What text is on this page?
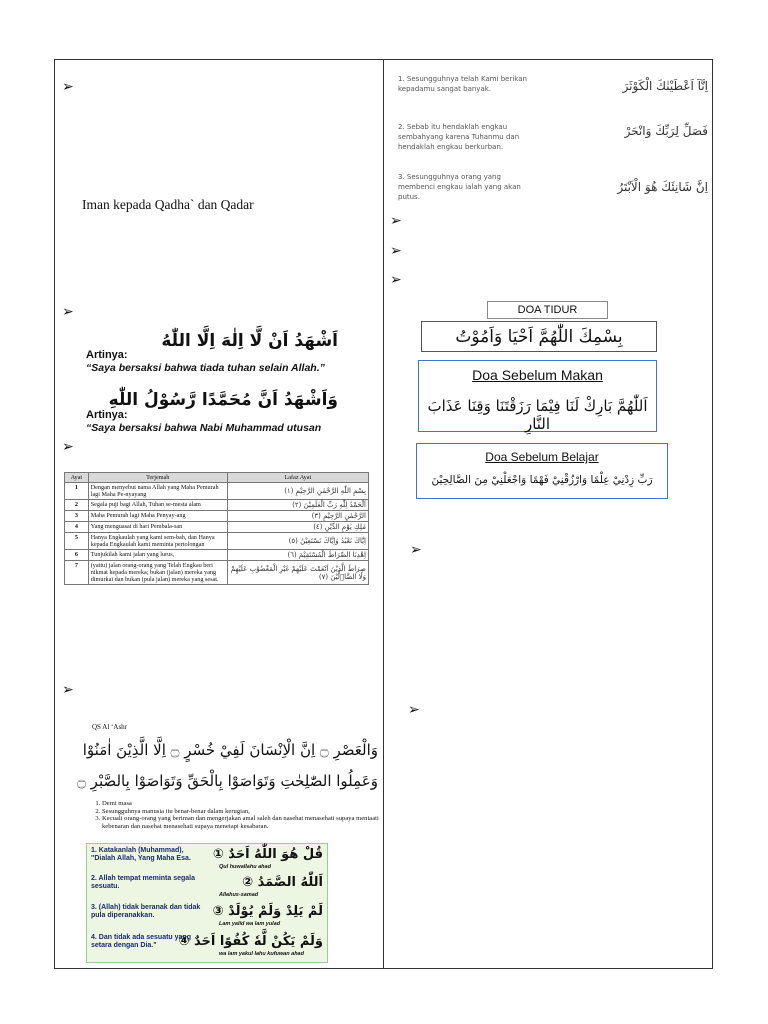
➢
Iman kepada Qadha` dan Qadar
➢
اَشْهَدُ اَنْ لَّا اِلٰهَ اِلَّا اللّٰهُ
Artinya:
“Saya bersaksi bahwa tiada tuhan selain Allah.”
وَاَشْهَدُ اَنَّ مُحَمَّدًا رَّسُوْلُ اللّٰهِ
Artinya:
“Saya bersaksi bahwa Nabi Muhammad utusan
➢
Ayat	Terjemah	Lafaz Ayat
1	Dengan menyebut nama Allah yang Maha Pemurah lagi Maha Pe-nyayang	بِسْمِ اللّٰهِ الرَّحْمٰنِ الرَّحِيْمِ (١)
2	Segala puji bagi Allah, Tuhan se-mesta alam	اَلْحَمْدُ لِلّٰهِ رَبِّ الْعٰلَمِيْنَ (٢)
3	Maha Pemurah lagi Maha Penyay-ang	الرَّحْمٰنِ الرَّحِيْمِ (٣)
4	Yang menguasai di hari Pembala-san	مٰلِكِ يَوْمِ الدِّيْنِ (٤)
5	Hanya Engkaulah yang kami sem-bah, dan Hanya kepada Engkaulah kami meminta pertolongan	اِيَّاكَ نَعْبُدُ وَاِيَّاكَ نَسْتَعِيْنُ (٥)
6	Tunjukilah kami jalan yang lurus,	اِهْدِنَا الصِّرَاطَ الْمُسْتَقِيْمَ (٦)
7	(yaitu) jalan orang-orang yang Telah Engkau beri nikmat kepada mereka; bukan (jalan) mereka yang dimurkai dan bukan (pula jalan) mereka yang sesat.	صِرَاطَ الَّذِيْنَ اَنْعَمْتَ عَلَيْهِمْ غَيْرِ الْمَغْضُوْبِ عَلَيْهِمْ وَلَا الضَّاۤلِّيْنَ (٧)
➢
QS Al ‘Ashr
وَالْعَصْرِ ۝ اِنَّ الْاِنْسَانَ لَفِيْ خُسْرٍ ۝ اِلَّا الَّذِيْنَ اٰمَنُوْا
وَعَمِلُوا الصّٰلِحٰتِ وَتَوَاصَوْا بِالْحَقِّ وَتَوَاصَوْا بِالصَّبْرِ ۝
1. Demi masa
2. Sesungguhnya manusia itu benar-benar dalam kerugian,
3. Kecuali orang-orang yang beriman dan mengerjakan amal saleh dan nasehat menasehati supaya mentaati kebenaran dan nasehat menasehati supaya menetapi kesabaran.
1. Katakanlah (Muhammad), "Dialah Allah, Yang Maha Esa.	قُلْ هُوَ اللّٰهُ اَحَدٌ ①
Qul huwallahu ahad
2. Allah tempat meminta segala sesuatu.	اَللّٰهُ الصَّمَدُ ②
Allahus-samad
3. (Allah) tidak beranak dan tidak pula diperanakkan.	لَمْ يَلِدْ وَلَمْ يُوْلَدْ ③
Lam yalid wa lam yulad
4. Dan tidak ada sesuatu yang setara dengan Dia."	وَلَمْ يَكُنْ لَّهٗ كُفُوًا اَحَدٌ ④
wa lam yakul lahu kufuwan ahad
1. Sesungguhnya telah Kami berikan kepadamu sangat banyak.	اِنَّآ اَعْطَيْنٰكَ الْكَوْثَرَ
2. Sebab itu hendaklah engkau sembahyang karena Tuhanmu dan hendaklah engkau berkurban.
فَصَلِّ لِرَبِّكَ وَانْحَرْ
3. Sesungguhnya orang yang membenci engkau ialah yang akan putus.
اِنَّ شَانِئَكَ هُوَ الْاَبْتَرُ
➢
➢
➢
DOA TIDUR
بِسْمِكَ اللّٰهُمَّ اَحْيَا وَاَمُوْتُ
Doa Sebelum Makan
اَللّٰهُمَّ بَارِكْ لَنَا فِيْمَا رَزَقْتَنَا وَقِنَا عَذَابَ النَّارِ
Doa Sebelum Belajar
رَبِّ زِدْنِيْ عِلْمًا وَارْزُقْنِيْ فَهْمًا وَاجْعَلْنِيْ مِنَ الصَّالِحِيْنَ
➢
➢
